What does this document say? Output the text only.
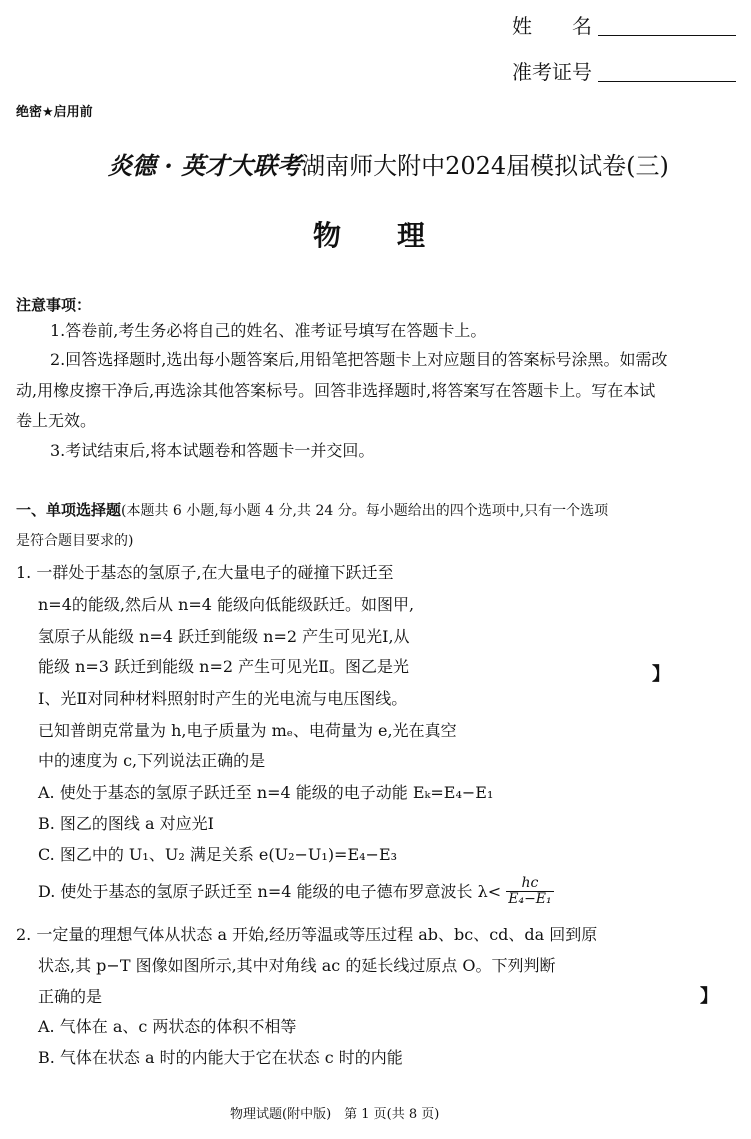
姓　　名
准考证号
绝密★启用前
炎德 · 英才大联考湖南师大附中2024届模拟试卷(三)
物　　理
注意事项：
1.答卷前,考生务必将自己的姓名、准考证号填写在答题卡上。
2.回答选择题时,选出每小题答案后,用铅笔把答题卡上对应题目的答案标号涂黑。如需改
动,用橡皮擦干净后,再选涂其他答案标号。回答非选择题时,将答案写在答题卡上。写在本试
卷上无效。
3.考试结束后,将本试题卷和答题卡一并交回。
一、单项选择题(本题共 6 小题,每小题 4 分,共 24 分。每小题给出的四个选项中,只有一个选项
是符合题目要求的)
1. 一群处于基态的氢原子,在大量电子的碰撞下跃迁至
n=4的能级,然后从 n=4 能级向低能级跃迁。如图甲,
氢原子从能级 n=4 跃迁到能级 n=2 产生可见光Ⅰ,从
能级 n=3 跃迁到能级 n=2 产生可见光Ⅱ。图乙是光
Ⅰ、光Ⅱ对同种材料照射时产生的光电流与电压图线。
已知普朗克常量为 h,电子质量为 mₑ、电荷量为 e,光在真空
中的速度为 c,下列说法正确的是
】
A. 使处于基态的氢原子跃迁至 n=4 能级的电子动能 Eₖ=E₄−E₁
B. 图乙的图线 a 对应光Ⅰ
C. 图乙中的 U₁、U₂ 满足关系 e(U₂−U₁)=E₄−E₃
D. 使处于基态的氢原子跃迁至 n=4 能级的电子德布罗意波长 $\lambda< \frac{hc}{\text{E₄−E₁}}$
2. 一定量的理想气体从状态 a 开始,经历等温或等压过程 ab、bc、cd、da 回到原
状态,其 p−T 图像如图所示,其中对角线 ac 的延长线过原点 O。下列判断
正确的是	】
A. 气体在 a、c 两状态的体积不相等
B. 气体在状态 a 时的内能大于它在状态 c 时的内能
物理试题(附中版)　第 1 页(共 8 页)
